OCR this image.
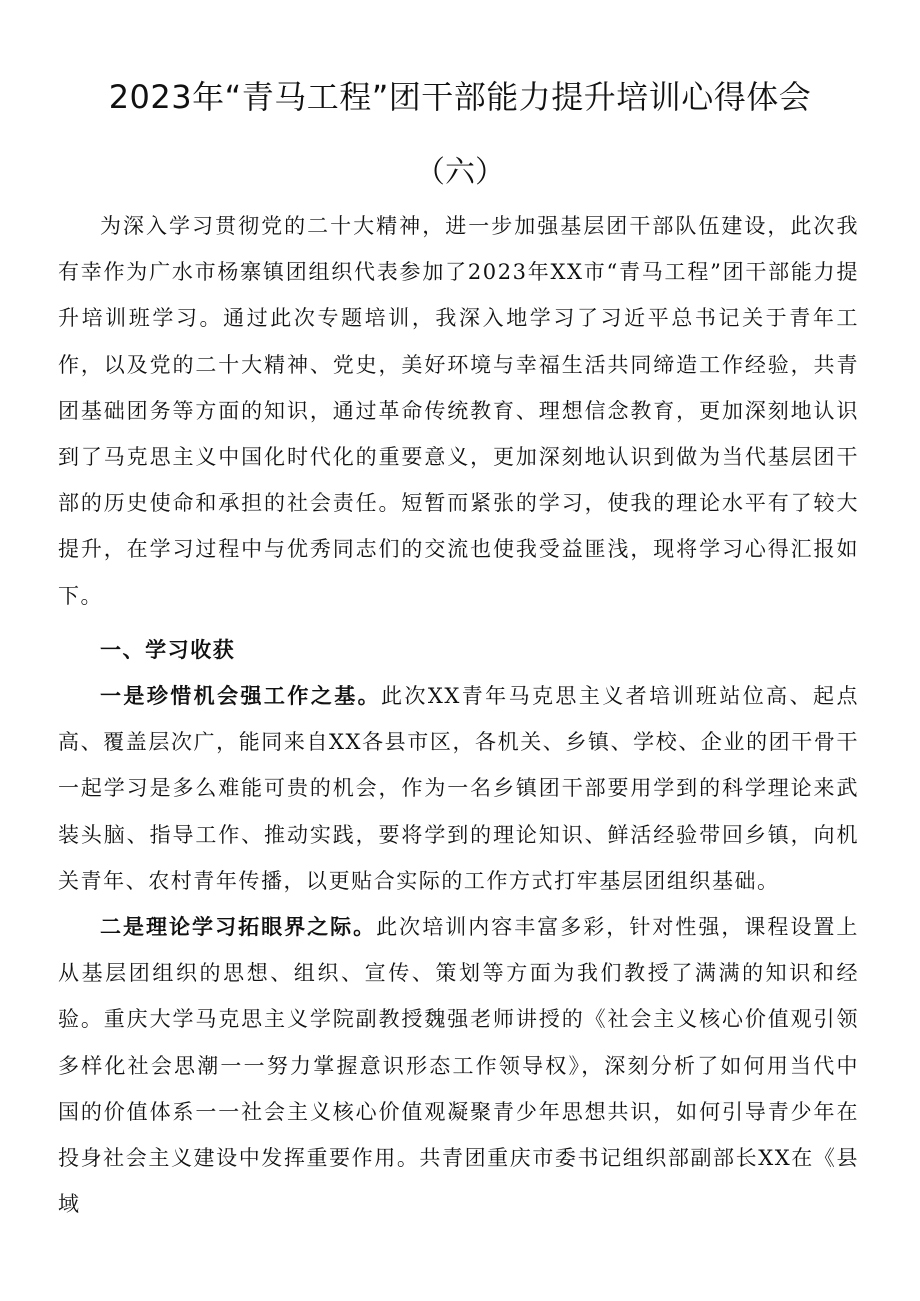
2023年“青马工程”团干部能力提升培训心得体会
（六）

为深入学习贯彻党的二十大精神，进一步加强基层团干部队伍建设，此次我有幸作为广水市杨寨镇团组织代表参加了2023年XX市“青马工程”团干部能力提升培训班学习。通过此次专题培训，我深入地学习了习近平总书记关于青年工作，以及党的二十大精神、党史，美好环境与幸福生活共同缔造工作经验，共青团基础团务等方面的知识，通过革命传统教育、理想信念教育，更加深刻地认识到了马克思主义中国化时代化的重要意义，更加深刻地认识到做为当代基层团干部的历史使命和承担的社会责任。短暂而紧张的学习，使我的理论水平有了较大提升，在学习过程中与优秀同志们的交流也使我受益匪浅，现将学习心得汇报如下。

一、学习收获

一是珍惜机会强工作之基。此次XX青年马克思主义者培训班站位高、起点高、覆盖层次广，能同来自XX各县市区，各机关、乡镇、学校、企业的团干骨干一起学习是多么难能可贵的机会，作为一名乡镇团干部要用学到的科学理论来武装头脑、指导工作、推动实践，要将学到的理论知识、鲜活经验带回乡镇，向机关青年、农村青年传播，以更贴合实际的工作方式打牢基层团组织基础。

二是理论学习拓眼界之际。此次培训内容丰富多彩，针对性强，课程设置上从基层团组织的思想、组织、宣传、策划等方面为我们教授了满满的知识和经验。重庆大学马克思主义学院副教授魏强老师讲授的《社会主义核心价值观引领多样化社会思潮一一努力掌握意识形态工作领导权》，深刻分析了如何用当代中国的价值体系一一社会主义核心价值观凝聚青少年思想共识，如何引导青少年在投身社会主义建设中发挥重要作用。共青团重庆市委书记组织部副部长XX在《县域
